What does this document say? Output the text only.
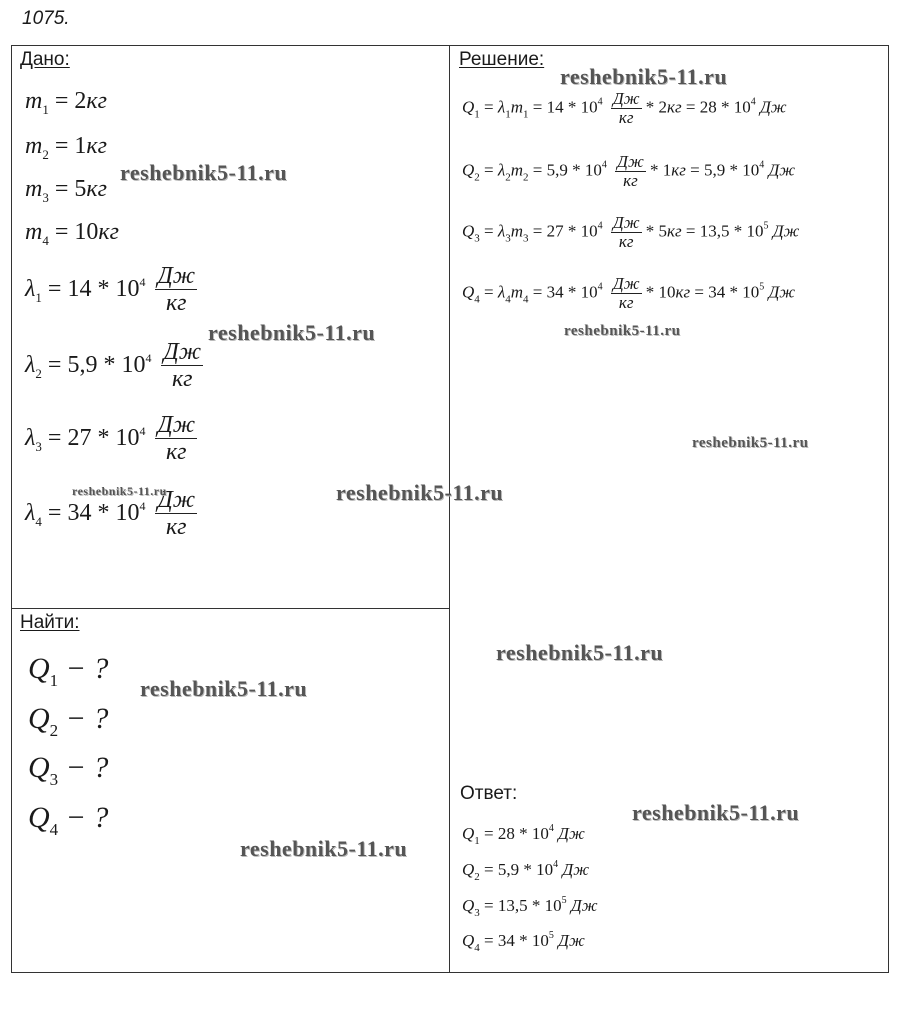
1075.
Дано:
$m_1 = 2кг$
$m_2 = 1кг$
$m_3 = 5кг$
$m_4 = 10кг$
$\lambda_1 = 14 * 10^4 \frac{Дж}{кг}$
$\lambda_2 = 5,9 * 10^4 \frac{Дж}{кг}$
$\lambda_3 = 27 * 10^4 \frac{Дж}{кг}$
$\lambda_4 = 34 * 10^4 \frac{Дж}{кг}$
Найти:
$Q_1$ − ?
$Q_2$ − ?
$Q_3$ − ?
$Q_4$ − ?
Решение:
$Q_1 = \lambda_1m_1 = 14 * 10^4 \frac{Дж}{кг} * 2кг = 28 * 10^4$ Дж
$Q_2 = \lambda_2m_2 = 5,9 * 10^4 \frac{Дж}{кг} * 1кг = 5,9 * 10^4$ Дж
$Q_3 = \lambda_3m_3 = 27 * 10^4 \frac{Дж}{кг} * 5кг = 13,5 * 10^5$ Дж
$Q_4 = \lambda_4m_4 = 34 * 10^4 \frac{Дж}{кг} * 10кг = 34 * 10^5$ Дж
Ответ:
$Q_1 = 28 * 10^4$ Дж
$Q_2 = 5,9 * 10^4$ Дж
$Q_3 = 13,5 * 10^5$ Дж
$Q_4 = 34 * 10^5$ Дж
reshebnik5-11.ru
reshebnik5-11.ru
reshebnik5-11.ru	reshebnik5-11.ru
reshebnik5-11.ru
reshebnik5-11.ru	reshebnik5-11.ru
reshebnik5-11.ru
reshebnik5-11.ru
reshebnik5-11.ru
reshebnik5-11.ru
